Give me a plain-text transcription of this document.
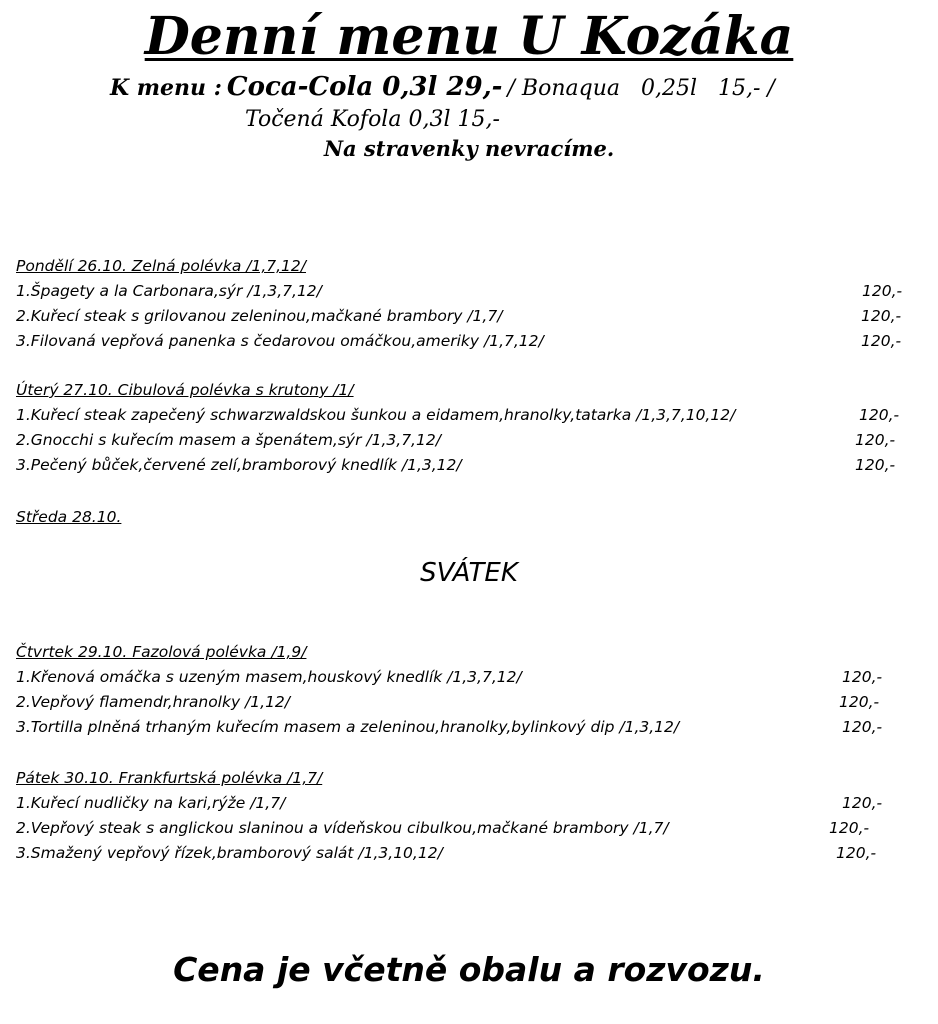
Denní menu U Kozáka
K menu : Coca-Cola 0,3l 29,- / Bonaqua   0,25l   15,- /
Točená Kofola 0,3l 15,-
Na stravenky nevracíme.
Pondělí 26.10. Zelná polévka /1,7,12/
1.Špagety a la Carbonara,sýr /1,3,7,12/	120,-
2.Kuřecí steak s grilovanou zeleninou,mačkané brambory /1,7/	120,-
3.Filovaná vepřová panenka s čedarovou omáčkou,ameriky /1,7,12/	120,-
Úterý 27.10. Cibulová polévka s krutony /1/
1.Kuřecí steak zapečený schwarzwaldskou šunkou a eidamem,hranolky,tatarka /1,3,7,10,12/	120,-
2.Gnocchi s kuřecím masem a špenátem,sýr /1,3,7,12/	120,-
3.Pečený bůček,červené zelí,bramborový knedlík /1,3,12/	120,-
Středa 28.10.
SVÁTEK
Čtvrtek 29.10. Fazolová polévka /1,9/
1.Křenová omáčka s uzeným masem,houskový knedlík /1,3,7,12/	120,-
2.Vepřový flamendr,hranolky /1,12/	120,-
3.Tortilla plněná trhaným kuřecím masem a zeleninou,hranolky,bylinkový dip /1,3,12/	120,-
Pátek 30.10. Frankfurtská polévka /1,7/
1.Kuřecí nudličky na kari,rýže /1,7/	120,-
2.Vepřový steak s anglickou slaninou a vídeňskou cibulkou,mačkané brambory /1,7/	120,-
3.Smažený vepřový řízek,bramborový salát /1,3,10,12/	120,-
Cena je včetně obalu a rozvozu.
